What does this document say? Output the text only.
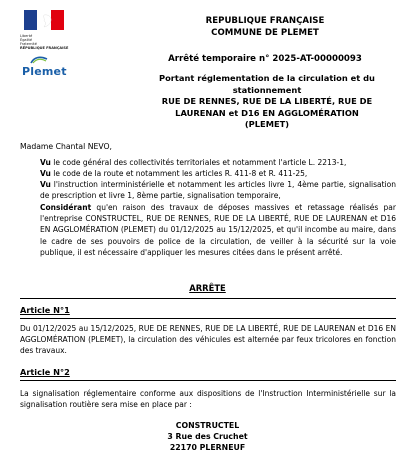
Liberté
Égalité
Fraternité
RÉPUBLIQUE FRANÇAISE
Plemet
REPUBLIQUE FRANÇAISE
COMMUNE DE PLEMET
Arrêté temporaire n° 2025-AT-00000093
Portant réglementation de la circulation et du
stationnement
RUE DE RENNES, RUE DE LA LIBERTÉ, RUE DE
LAURENAN et D16 EN AGGLOMÉRATION
(PLEMET)
Madame Chantal NEVO,
Vu le code général des collectivités territoriales et notamment l'article L. 2213-1,
Vu le code de la route et notamment les articles R. 411-8 et R. 411-25,
Vu l'instruction interministérielle et notamment les articles livre 1, 4ème partie, signalisation de prescription et livre 1, 8ème partie, signalisation temporaire,
Considérant qu'en raison des travaux de déposes massives et retassage réalisés par l'entreprise CONSTRUCTEL, RUE DE RENNES, RUE DE LA LIBERTÉ, RUE DE LAURENAN et D16 EN AGGLOMÉRATION (PLEMET) du 01/12/2025 au 15/12/2025, et qu'il incombe au maire, dans le cadre de ses pouvoirs de police de la circulation, de veiller à la sécurité sur la voie publique, il est nécessaire d'appliquer les mesures citées dans le présent arrêté.
ARRÊTE
Article N°1
Du 01/12/2025 au 15/12/2025, RUE DE RENNES, RUE DE LA LIBERTÉ, RUE DE LAURENAN et D16 EN AGGLOMÉRATION (PLEMET), la circulation des véhicules est alternée par feux tricolores en fonction des travaux.
Article N°2
La signalisation réglementaire conforme aux dispositions de l'Instruction Interministérielle sur la signalisation routière sera mise en place par :
CONSTRUCTEL
3 Rue des Cruchet
22170 PLERNEUF
